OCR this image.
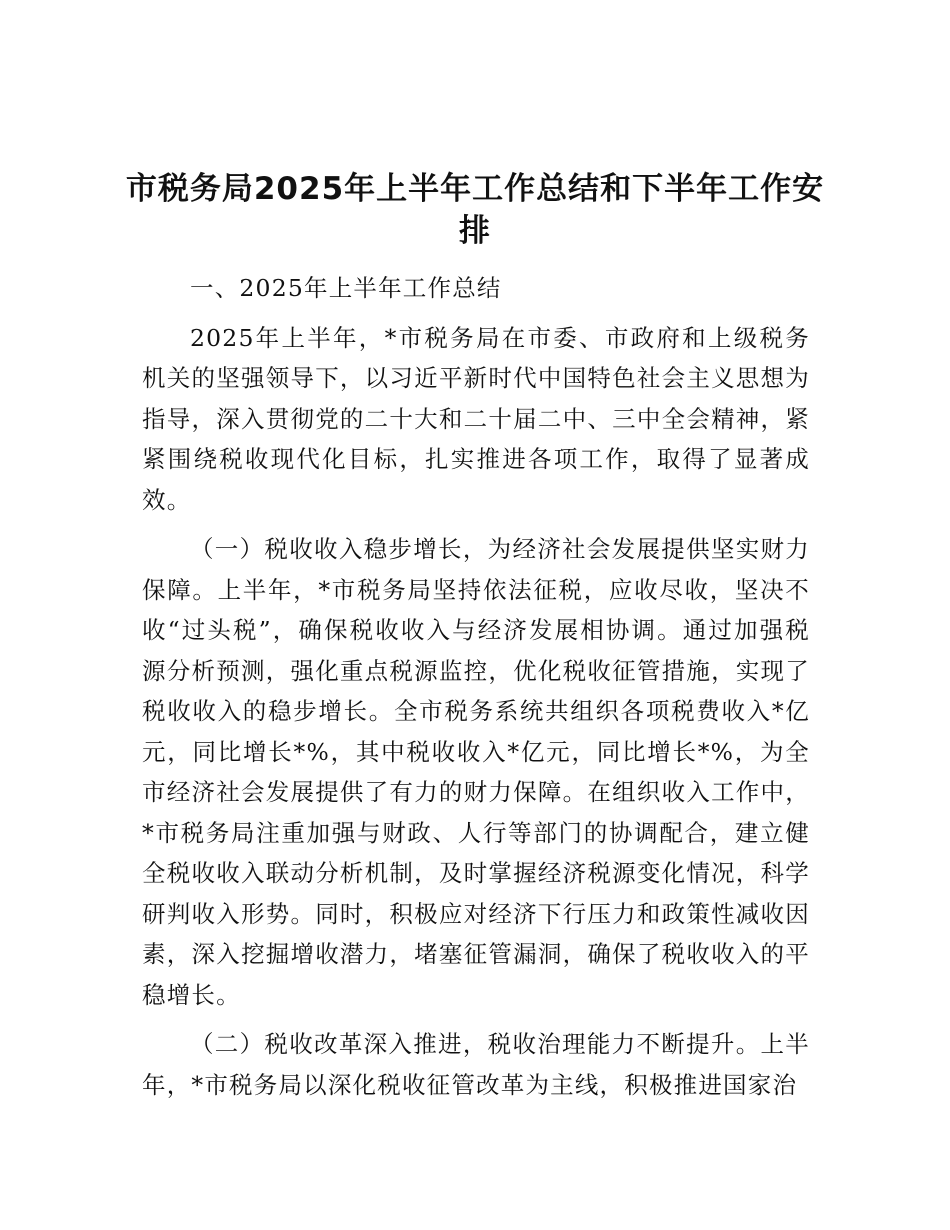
市税务局2025年上半年工作总结和下半年工作安排

一、2025年上半年工作总结

2025年上半年，*市税务局在市委、市政府和上级税务机关的坚强领导下，以习近平新时代中国特色社会主义思想为指导，深入贯彻党的二十大和二十届二中、三中全会精神，紧紧围绕税收现代化目标，扎实推进各项工作，取得了显著成效。

（一）税收收入稳步增长，为经济社会发展提供坚实财力保障。上半年，*市税务局坚持依法征税，应收尽收，坚决不收“过头税”，确保税收收入与经济发展相协调。通过加强税源分析预测，强化重点税源监控，优化税收征管措施，实现了税收收入的稳步增长。全市税务系统共组织各项税费收入*亿元，同比增长*%，其中税收收入*亿元，同比增长*%，为全市经济社会发展提供了有力的财力保障。在组织收入工作中，*市税务局注重加强与财政、人行等部门的协调配合，建立健全税收收入联动分析机制，及时掌握经济税源变化情况，科学研判收入形势。同时，积极应对经济下行压力和政策性减收因素，深入挖掘增收潜力，堵塞征管漏洞，确保了税收收入的平稳增长。

（二）税收改革深入推进，税收治理能力不断提升。上半年，*市税务局以深化税收征管改革为主线，积极推进国家治
